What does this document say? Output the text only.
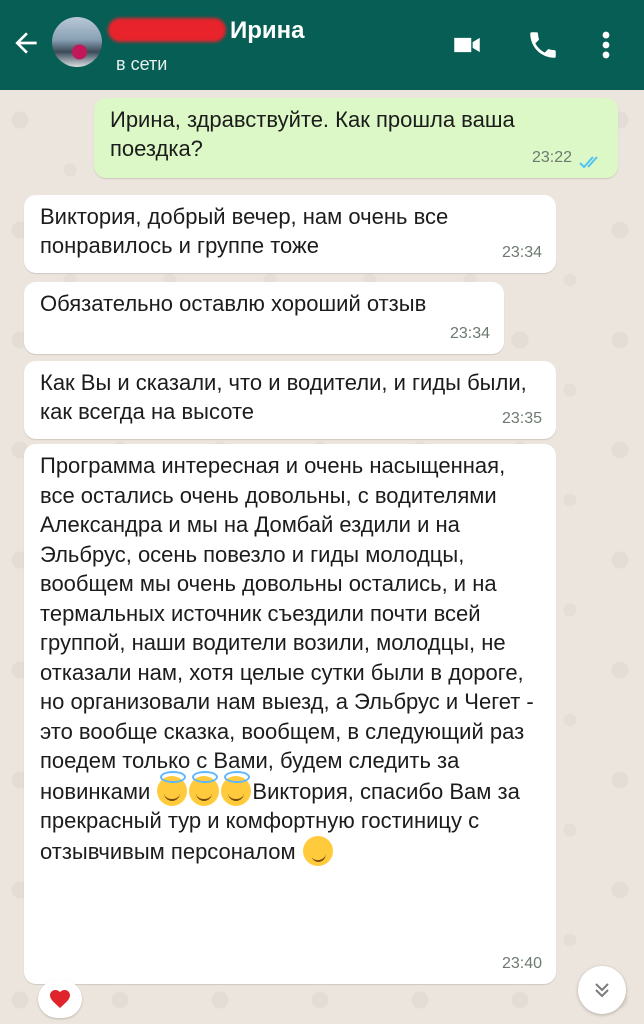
Ирина
в сети
Ирина, здравствуйте. Как прошла ваша поездка?	23:22
Виктория, добрый вечер, нам очень все понравилось и группе тоже	23:34
Обязательно оставлю хороший отзыв
23:34
Как Вы и сказали, что и водители, и гиды были, как всегда на высоте	23:35
Программа интересная и очень насыщенная, все остались очень довольны, с водителями Александра и мы на Домбай ездили и на Эльбрус, осень повезло и гиды молодцы, вообщем мы очень довольны остались, и на термальных источник съездили почти всей группой, наши водители возили, молодцы, не отказали нам, хотя целые сутки были в дороге, но организовали нам выезд, а Эльбрус и Чегет - это вообще сказка, вообщем, в следующий раз поедем только с Вами, будем следить за новинками	Виктория, спасибо Вам за прекрасный тур и комфортную гостиницу с отзывчивым персоналом
23:40
